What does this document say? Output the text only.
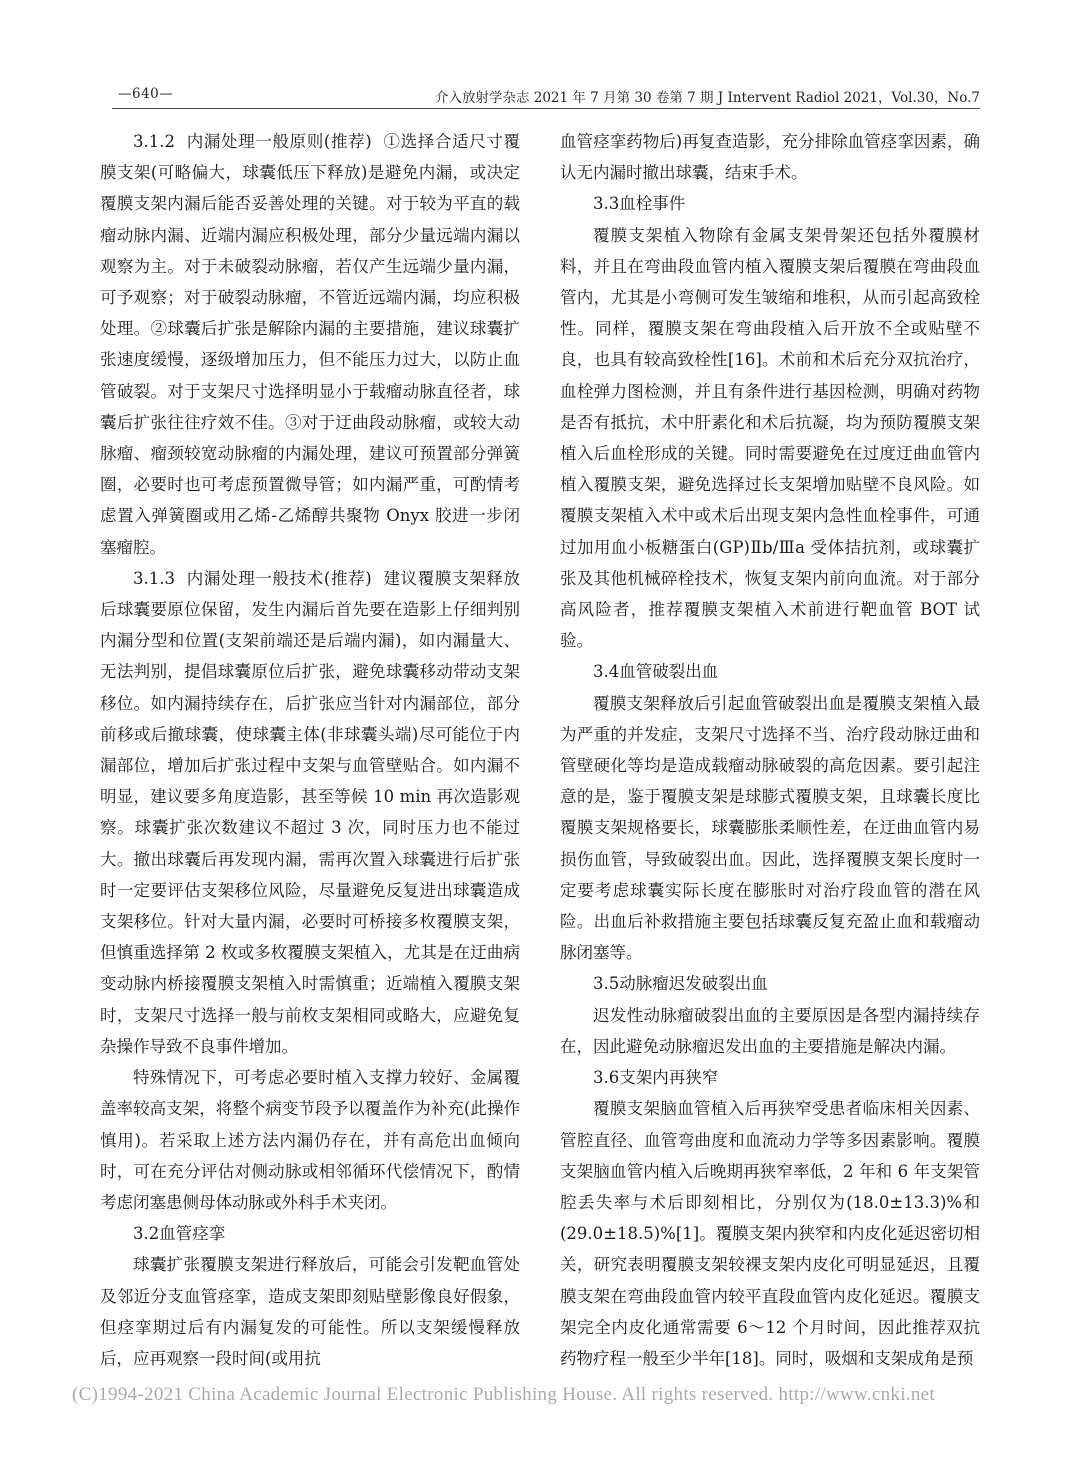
—640—	介入放射学杂志 2021 年 7 月第 30 卷第 7 期 J Intervent Radiol 2021，Vol.30，No.7

3.1.2 内漏处理一般原则(推荐) ①选择合适尺寸覆膜支架(可略偏大，球囊低压下释放)是避免内漏，或决定覆膜支架内漏后能否妥善处理的关键。对于较为平直的载瘤动脉内漏、近端内漏应积极处理，部分少量远端内漏以观察为主。对于未破裂动脉瘤，若仅产生远端少量内漏，可予观察；对于破裂动脉瘤，不管近远端内漏，均应积极处理。②球囊后扩张是解除内漏的主要措施，建议球囊扩张速度缓慢，逐级增加压力，但不能压力过大，以防止血管破裂。对于支架尺寸选择明显小于载瘤动脉直径者，球囊后扩张往往疗效不佳。③对于迂曲段动脉瘤，或较大动脉瘤、瘤颈较宽动脉瘤的内漏处理，建议可预置部分弹簧圈，必要时也可考虑预置微导管；如内漏严重，可酌情考虑置入弹簧圈或用乙烯-乙烯醇共聚物 Onyx 胶进一步闭塞瘤腔。

3.1.3 内漏处理一般技术(推荐) 建议覆膜支架释放后球囊要原位保留，发生内漏后首先要在造影上仔细判别内漏分型和位置(支架前端还是后端内漏)，如内漏量大、无法判别，提倡球囊原位后扩张，避免球囊移动带动支架移位。如内漏持续存在，后扩张应当针对内漏部位，部分前移或后撤球囊，使球囊主体(非球囊头端)尽可能位于内漏部位，增加后扩张过程中支架与血管壁贴合。如内漏不明显，建议要多角度造影，甚至等候 10 min 再次造影观察。球囊扩张次数建议不超过 3 次，同时压力也不能过大。撤出球囊后再发现内漏，需再次置入球囊进行后扩张时一定要评估支架移位风险，尽量避免反复进出球囊造成支架移位。针对大量内漏，必要时可桥接多枚覆膜支架，但慎重选择第 2 枚或多枚覆膜支架植入，尤其是在迂曲病变动脉内桥接覆膜支架植入时需慎重；近端植入覆膜支架时，支架尺寸选择一般与前枚支架相同或略大，应避免复杂操作导致不良事件增加。

特殊情况下，可考虑必要时植入支撑力较好、金属覆盖率较高支架，将整个病变节段予以覆盖作为补充(此操作慎用)。若采取上述方法内漏仍存在，并有高危出血倾向时，可在充分评估对侧动脉或相邻循环代偿情况下，酌情考虑闭塞患侧母体动脉或外科手术夹闭。

3.2血管痉挛

球囊扩张覆膜支架进行释放后，可能会引发靶血管处及邻近分支血管痉挛，造成支架即刻贴壁影像良好假象，但痉挛期过后有内漏复发的可能性。所以支架缓慢释放后，应再观察一段时间(或用抗

血管痉挛药物后)再复查造影，充分排除血管痉挛因素，确认无内漏时撤出球囊，结束手术。

3.3血栓事件

覆膜支架植入物除有金属支架骨架还包括外覆膜材料，并且在弯曲段血管内植入覆膜支架后覆膜在弯曲段血管内，尤其是小弯侧可发生皱缩和堆积，从而引起高致栓性。同样，覆膜支架在弯曲段植入后开放不全或贴壁不良，也具有较高致栓性[16]。术前和术后充分双抗治疗，血栓弹力图检测，并且有条件进行基因检测，明确对药物是否有抵抗，术中肝素化和术后抗凝，均为预防覆膜支架植入后血栓形成的关键。同时需要避免在过度迂曲血管内植入覆膜支架，避免选择过长支架增加贴壁不良风险。如覆膜支架植入术中或术后出现支架内急性血栓事件，可通过加用血小板糖蛋白(GP)Ⅱb/Ⅲa 受体拮抗剂，或球囊扩张及其他机械碎栓技术，恢复支架内前向血流。对于部分高风险者，推荐覆膜支架植入术前进行靶血管 BOT 试验。

3.4血管破裂出血

覆膜支架释放后引起血管破裂出血是覆膜支架植入最为严重的并发症，支架尺寸选择不当、治疗段动脉迂曲和管壁硬化等均是造成载瘤动脉破裂的高危因素。要引起注意的是，鉴于覆膜支架是球膨式覆膜支架，且球囊长度比覆膜支架规格要长，球囊膨胀柔顺性差，在迂曲血管内易损伤血管，导致破裂出血。因此，选择覆膜支架长度时一定要考虑球囊实际长度在膨胀时对治疗段血管的潜在风险。出血后补救措施主要包括球囊反复充盈止血和载瘤动脉闭塞等。

3.5动脉瘤迟发破裂出血

迟发性动脉瘤破裂出血的主要原因是各型内漏持续存在，因此避免动脉瘤迟发出血的主要措施是解决内漏。

3.6支架内再狭窄

覆膜支架脑血管植入后再狭窄受患者临床相关因素、管腔直径、血管弯曲度和血流动力学等多因素影响。覆膜支架脑血管内植入后晚期再狭窄率低，2 年和 6 年支架管腔丢失率与术后即刻相比，分别仅为(18.0±13.3)%和(29.0±18.5)%[1]。覆膜支架内狭窄和内皮化延迟密切相关，研究表明覆膜支架较裸支架内皮化可明显延迟，且覆膜支架在弯曲段血管内较平直段血管内皮化延迟。覆膜支架完全内皮化通常需要 6～12 个月时间，因此推荐双抗药物疗程一般至少半年[18]。同时，吸烟和支架成角是预

(C)1994-2021 China Academic Journal Electronic Publishing House. All rights reserved. http://www.cnki.net
